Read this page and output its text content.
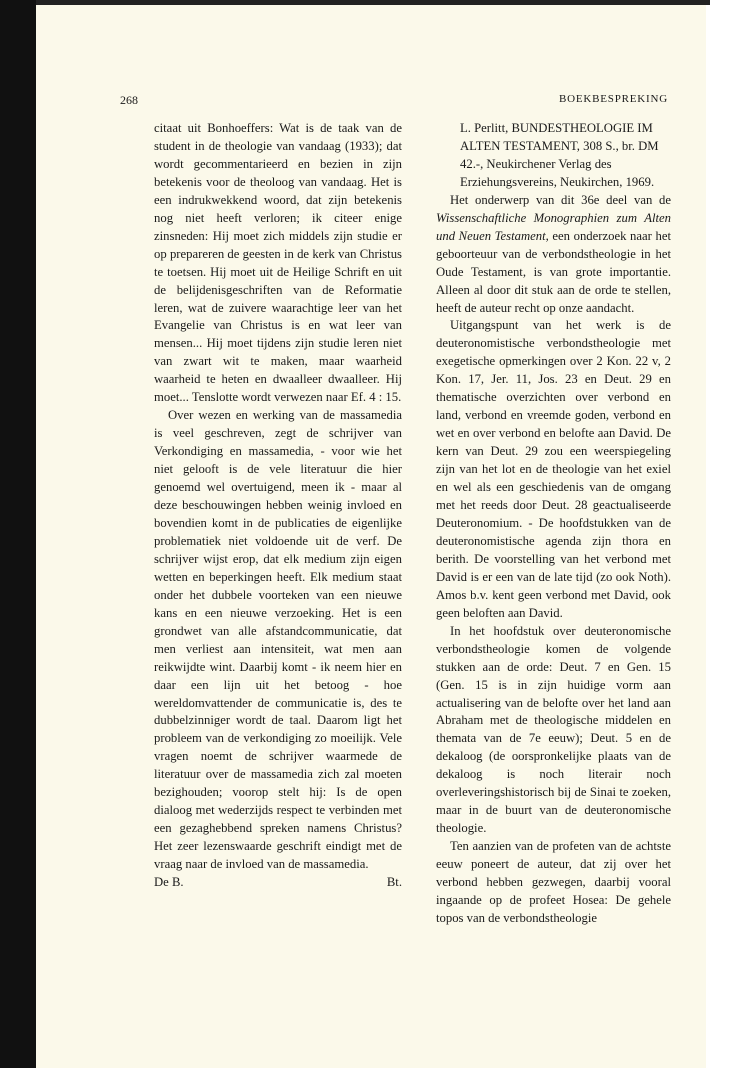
268	BOEKBESPREKING

citaat uit Bonhoeffers: Wat is de taak van de student in de theologie van vandaag (1933); dat wordt gecommentarieerd en bezien in zijn betekenis voor de theoloog van vandaag. Het is een indrukwekkend woord, dat zijn betekenis nog niet heeft verloren; ik citeer enige zinsneden: Hij moet zich middels zijn studie er op prepareren de geesten in de kerk van Christus te toetsen. Hij moet uit de Heilige Schrift en uit de belijdenisgeschriften van de Reformatie leren, wat de zuivere waarachtige leer van het Evangelie van Christus is en wat leer van mensen... Hij moet tijdens zijn studie leren niet van zwart wit te maken, maar waarheid waarheid te heten en dwaalleer dwaalleer. Hij moet... Tenslotte wordt verwezen naar Ef. 4 : 15.

Over wezen en werking van de massamedia is veel geschreven, zegt de schrijver van Verkondiging en massamedia, - voor wie het niet gelooft is de vele literatuur die hier genoemd wel overtuigend, meen ik - maar al deze beschouwingen hebben weinig invloed en bovendien komt in de publicaties de eigenlijke problematiek niet voldoende uit de verf. De schrijver wijst erop, dat elk medium zijn eigen wetten en beperkingen heeft. Elk medium staat onder het dubbele voorteken van een nieuwe kans en een nieuwe verzoeking. Het is een grondwet van alle afstandcommunicatie, dat men verliest aan intensiteit, wat men aan reikwijdte wint. Daarbij komt - ik neem hier en daar een lijn uit het betoog - hoe wereldomvattender de communicatie is, des te dubbelzinniger wordt de taal. Daarom ligt het probleem van de verkondiging zo moeilijk. Vele vragen noemt de schrijver waarmede de literatuur over de massamedia zich zal moeten bezighouden; voorop stelt hij: Is de open dialoog met wederzijds respect te verbinden met een gezaghebbend spreken namens Christus? Het zeer lezenswaarde geschrift eindigt met de vraag naar de invloed van de massamedia.

De B.	Bt.

L. Perlitt, BUNDESTHEOLOGIE IM ALTEN TESTAMENT, 308 S., br. DM 42.-, Neukirchener Verlag des Erziehungsvereins, Neukirchen, 1969.

Het onderwerp van dit 36e deel van de Wissenschaftliche Monographien zum Alten und Neuen Testament, een onderzoek naar het geboorteuur van de verbondstheologie in het Oude Testament, is van grote importantie. Alleen al door dit stuk aan de orde te stellen, heeft de auteur recht op onze aandacht.

Uitgangspunt van het werk is de deuteronomistische verbondstheologie met exegetische opmerkingen over 2 Kon. 22 v, 2 Kon. 17, Jer. 11, Jos. 23 en Deut. 29 en thematische overzichten over verbond en land, verbond en vreemde goden, verbond en wet en over verbond en belofte aan David. De kern van Deut. 29 zou een weerspiegeling zijn van het lot en de theologie van het exiel en wel als een geschiedenis van de omgang met het reeds door Deut. 28 geactualiseerde Deuteronomium. - De hoofdstukken van de deuteronomistische agenda zijn thora en berith. De voorstelling van het verbond met David is er een van de late tijd (zo ook Noth). Amos b.v. kent geen verbond met David, ook geen beloften aan David.

In het hoofdstuk over deuteronomische verbondstheologie komen de volgende stukken aan de orde: Deut. 7 en Gen. 15 (Gen. 15 is in zijn huidige vorm aan actualisering van de belofte over het land aan Abraham met de theologische middelen en themata van de 7e eeuw); Deut. 5 en de dekaloog (de oorspronkelijke plaats van de dekaloog is noch literair noch overleveringshistorisch bij de Sinai te zoeken, maar in de buurt van de deuteronomische theologie.

Ten aanzien van de profeten van de achtste eeuw poneert de auteur, dat zij over het verbond hebben gezwegen, daarbij vooral ingaande op de profeet Hosea: De gehele topos van de verbondstheologie
